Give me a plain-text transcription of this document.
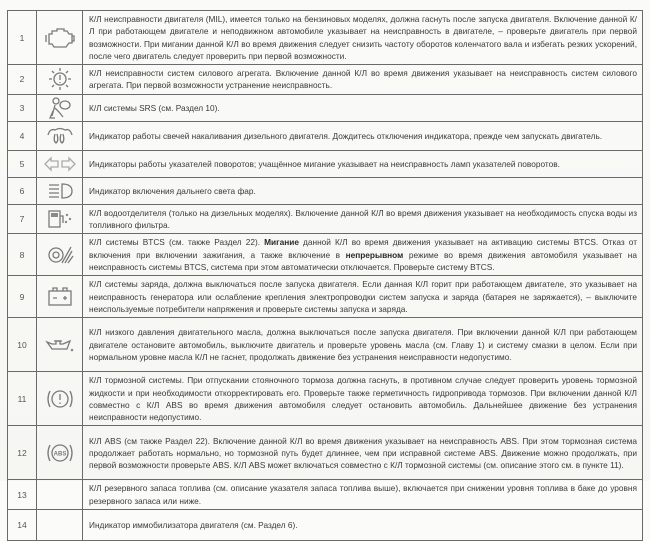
1		К/Л неисправности двигателя (MIL), имеется только на бензиновых моделях, должна гаснуть после запуска двигателя. Включение данной К/Л при работающем двигателе и неподвижном автомобиле указывает на неисправность в двигателе, – проверьте двигатель при первой возможности. При мигании данной К/Л во время движения следует снизить частоту оборотов коленчатого вала и избегать резких ускорений, после чего двигатель следует проверить при первой возможности.
2		К/Л неисправности систем силового агрегата. Включение данной К/Л во время движения указывает на неисправность систем силового агрегата. При первой возможности устранение неисправность.
3		К/Л системы SRS (см. Раздел 10).
4		Индикатор работы свечей накаливания дизельного двигателя. Дождитесь отключения индикатора, прежде чем запускать двигатель.
5		Индикаторы работы указателей поворотов; учащённое мигание указывает на неисправность ламп указателей поворотов.
6		Индикатор включения дальнего света фар.
7		К/Л водоотделителя (только на дизельных моделях). Включение данной К/Л во время движения указывает на необходимость спуска воды из топливного фильтра.
8		К/Л системы BTCS (см. также Раздел 22). Мигание данной К/Л во время движения указывает на активацию системы BTCS. Отказ от включения при включении зажигания, а также включение в непрерывном режиме во время движения автомобиля указывает на неисправность системы BTCS, система при этом автоматически отключается. Проверьте систему BTCS.
9		К/Л системы заряда, должна выключаться после запуска двигателя. Если данная К/Л горит при работающем двигателе, это указывает на неисправность генератора или ослабление крепления электропроводки систем запуска и заряда (батарея не заряжается), – выключите неиспользуемые потребители напряжения и проверьте системы запуска и заряда.
10		К/Л низкого давления двигательного масла, должна выключаться после запуска двигателя. При включении данной К/Л при работающем двигателе остановите автомобиль, выключите двигатель и проверьте уровень масла (см. Главу 1) и систему смазки в целом. Если при нормальном уровне масла К/Л не гаснет, продолжать движение без устранения неисправности недопустимо.
11		К/Л тормозной системы. При отпускании стояночного тормоза должна гаснуть, в противном случае следует проверить уровень тормозной жидкости и при необходимости откорректировать его. Проверьте также герметичность гидропривода тормозов. При включении данной К/Л совместно с К/Л ABS во время движения автомобиля следует остановить автомобиль. Дальнейшее движение без устранения неисправности недопустимо.
12	ABS	К/Л ABS (см также Раздел 22). Включение данной К/Л во время движения указывает на неисправность ABS. При этом тормозная система продолжает работать нормально, но тормозной путь будет длиннее, чем при исправной системе ABS. Движение можно продолжать, при первой возможности проверьте ABS. К/Л ABS может включаться совместно с К/Л тормозной системы (см. описание этого см. в пункте 11).
13		К/Л резервного запаса топлива (см. описание указателя запаса топлива выше), включается при снижении уровня топлива в баке до уровня резервного запаса или ниже.
14		Индикатор иммобилизатора двигателя (см. Раздел 6).
